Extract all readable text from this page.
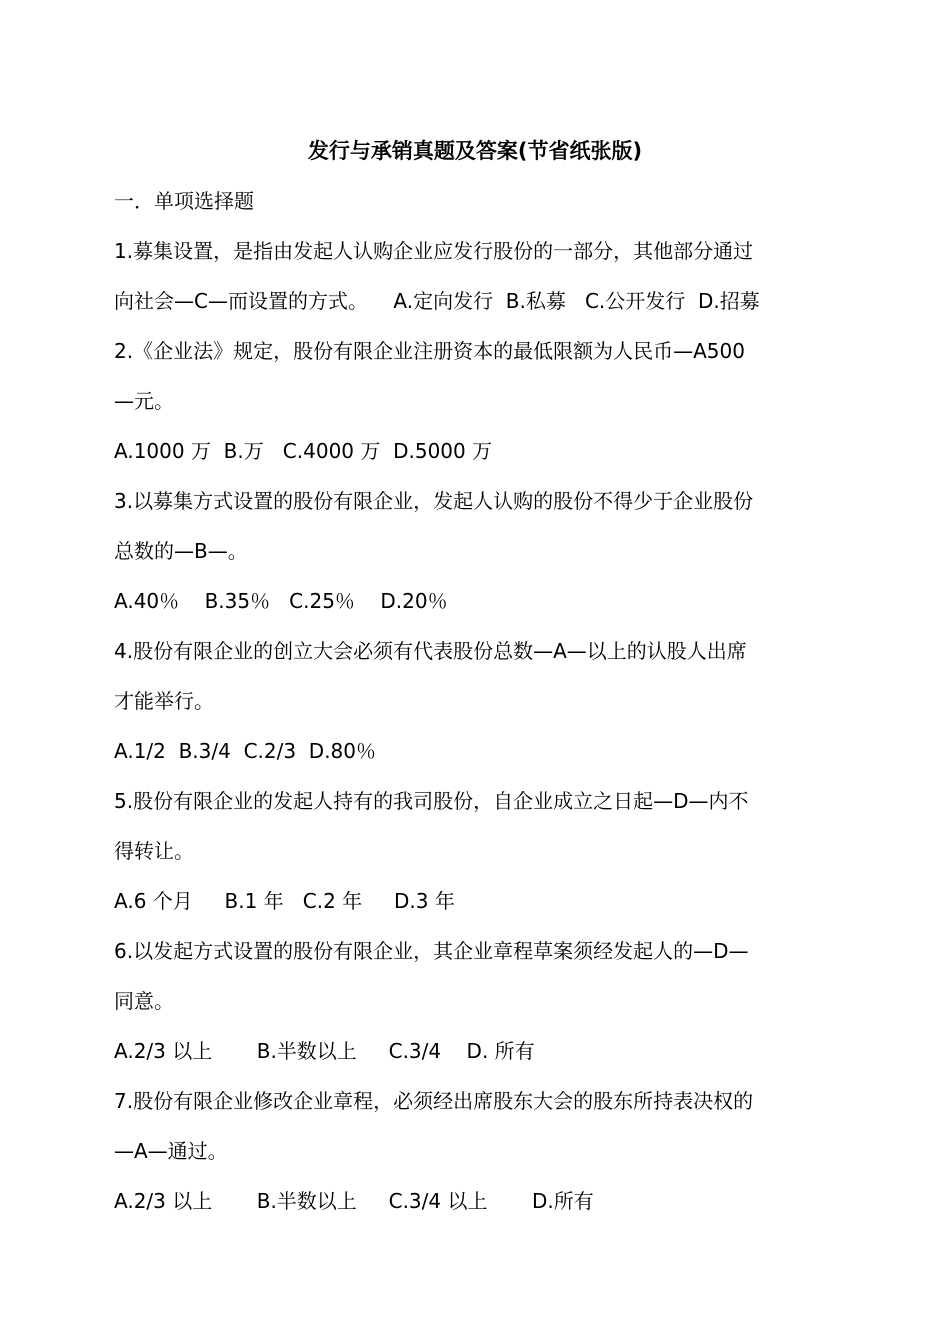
发行与承销真题及答案(节省纸张版)
一．单项选择题
1.募集设置，是指由发起人认购企业应发行股份的一部分，其他部分通过
向社会—C—而设置的方式。    A.定向发行  B.私募   C.公开发行  D.招募
2.《企业法》规定，股份有限企业注册资本的最低限额为人民币—A500
—元。
A.1000 万  B.万   C.4000 万  D.5000 万
3.以募集方式设置的股份有限企业，发起人认购的股份不得少于企业股份
总数的—B—。
A.40％    B.35％   C.25％    D.20％
4.股份有限企业的创立大会必须有代表股份总数—A—以上的认股人出席
才能举行。
A.1/2  B.3/4  C.2/3  D.80％
5.股份有限企业的发起人持有的我司股份，自企业成立之日起—D—内不
得转让。
A.6 个月     B.1 年   C.2 年     D.3 年
6.以发起方式设置的股份有限企业，其企业章程草案须经发起人的—D—
同意。
A.2/3 以上       B.半数以上     C.3/4    D. 所有
7.股份有限企业修改企业章程，必须经出席股东大会的股东所持表决权的
—A—通过。
A.2/3 以上       B.半数以上     C.3/4 以上       D.所有
